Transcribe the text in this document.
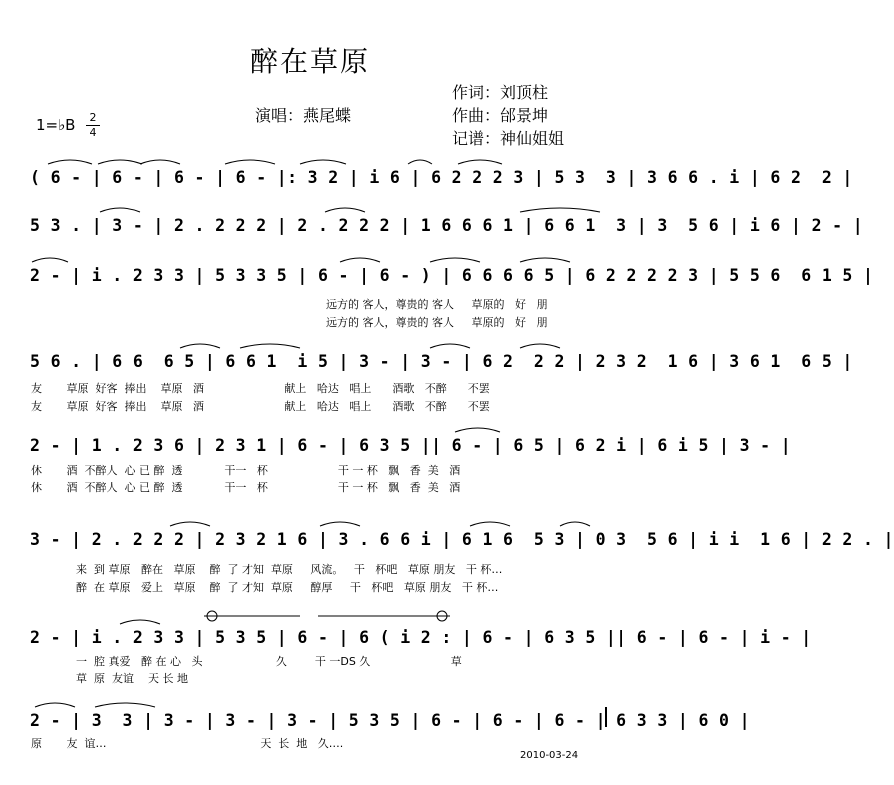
醉在草原
作词：刘顶柱
作曲：邰景坤
记谱：神仙姐姐
演唱：燕尾蝶
1=♭B	2
4
( 6 - | 6 - | 6 - | 6 - |: 3 2 | i 6 | 6 2 2 2 3 | 5 3  3 | 3 6 6 . i | 6 2  2 |
5 3 . | 3 - | 2 . 2 2 2 | 2 . 2 2 2 | 1 6 6 6 1 | 6 6 1  3 | 3  5 6 | i 6 | 2 - |
2 - | i . 2 3 3 | 5 3 3 5 | 6 - | 6 - ) | 6 6 6 6 5 | 6 2 2 2 2 3 | 5 5 6  6 1 5 |
远方的 客人，尊贵的 客人     草原的   好   朋
远方的 客人，尊贵的 客人     草原的   好   朋
5 6 . | 6 6  6 5 | 6 6 1  i 5 | 3 - | 3 - | 6 2  2 2 | 2 3 2  1 6 | 3 6 1  6 5 |
友       草原  好客  捧出    草原   酒                       献上   哈达   唱上      酒歌   不醉      不罢
友       草原  好客  捧出    草原   酒                       献上   哈达   唱上      酒歌   不醉      不罢
2 - | 1 . 2 3 6 | 2 3 1 | 6 - | 6 3 5 || 6 - | 6 5 | 6 2 i | 6 i 5 | 3 - |
休       酒  不醉人  心 已 醉  透            干一   杯                    干 一 杯   飘   香  美   酒
休       酒  不醉人  心 已 醉  透            干一   杯                    干 一 杯   飘   香  美   酒
3 - | 2 . 2 2 2 | 2 3 2 1 6 | 3 . 6 6 i | 6 1 6  5 3 | 0 3  5 6 | i i  1 6 | 2 2 . |
来  到 草原   醉在   草原    醉  了 才知  草原     风流。   干   杯吧   草原 朋友   干 杯…
醉  在 草原   爱上   草原    醉  了 才知  草原     醇厚     干   杯吧   草原 朋友   干 杯…
2 - | i . 2 3 3 | 5 3 5 | 6 - | 6 ( i 2 : | 6 - | 6 3 5 || 6 - | 6 - | i - |
一  腔 真爱   醉 在 心   头                     久        干 一DS 久                       草
草  原  友谊    天 长 地
2 - | 3  3 | 3 - | 3 - | 3 - | 5 3 5 | 6 - | 6 - | 6 - | 6 3 3 | 6 0 |
原       友  谊…                                            天  长  地   久….
2010-03-24
